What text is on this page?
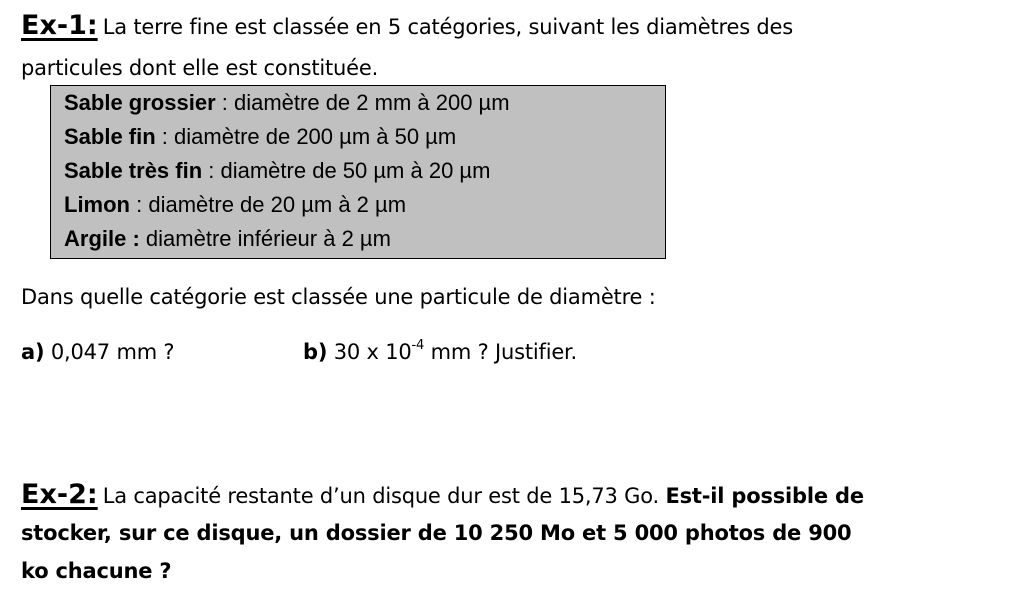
Ex-1: La terre fine est classée en 5 catégories, suivant les diamètres des
particules dont elle est constituée.
Sable grossier : diamètre de 2 mm à 200 µm
Sable fin : diamètre de 200 µm à 50 µm
Sable très fin : diamètre de 50 µm à 20 µm
Limon : diamètre de 20 µm à 2 µm
Argile : diamètre inférieur à 2 µm
Dans quelle catégorie est classée une particule de diamètre :
a) 0,047 mm ?	b) 30 x $10^{-4}$ mm ? Justifier.
Ex-2: La capacité restante d’un disque dur est de 15,73 Go. Est-il possible de
stocker, sur ce disque, un dossier de 10 250 Mo et 5 000 photos de 900
ko chacune ?
